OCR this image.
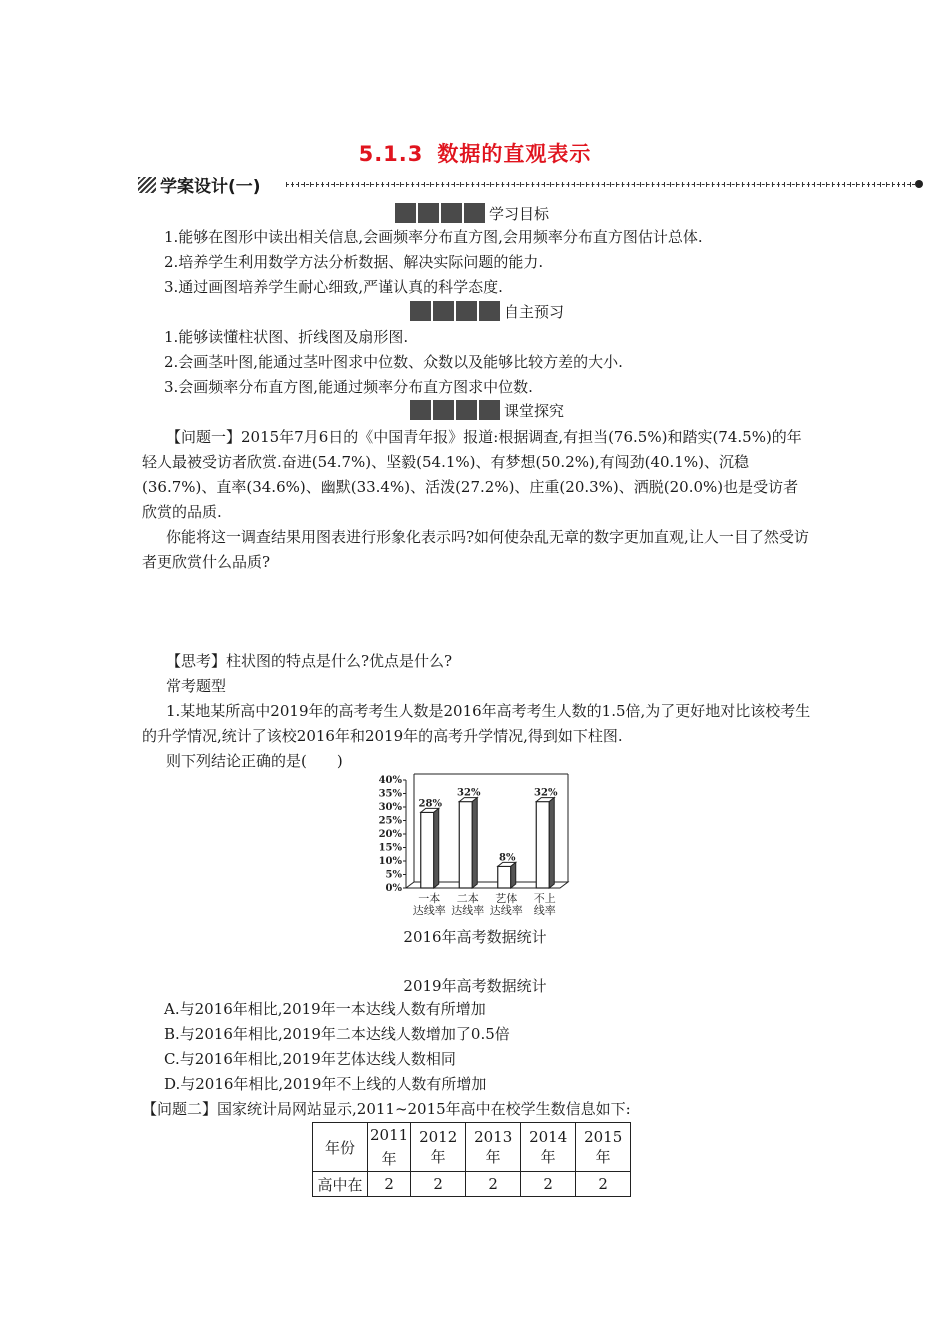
5.1.3 数据的直观表示
学案设计(一)
学习目标
1.能够在图形中读出相关信息,会画频率分布直方图,会用频率分布直方图估计总体.
2.培养学生利用数学方法分析数据、解决实际问题的能力.
3.通过画图培养学生耐心细致,严谨认真的科学态度.
自主预习
1.能够读懂柱状图、折线图及扇形图.
2.会画茎叶图,能通过茎叶图求中位数、众数以及能够比较方差的大小.
3.会画频率分布直方图,能通过频率分布直方图求中位数.
课堂探究

【问题一】2015年7月6日的《中国青年报》报道:根据调查,有担当(76.5%)和踏实(74.5%)的年轻人最被受访者欣赏.奋进(54.7%)、坚毅(54.1%)、有梦想(50.2%),有闯劲(40.1%)、沉稳(36.7%)、直率(34.6%)、幽默(33.4%)、活泼(27.2%)、庄重(20.3%)、洒脱(20.0%)也是受访者欣赏的品质.

你能将这一调查结果用图表进行形象化表示吗?如何使杂乱无章的数字更加直观,让人一目了然受访者更欣赏什么品质?

【思考】柱状图的特点是什么?优点是什么?

常考题型

1.某地某所高中2019年的高考考生人数是2016年高考考生人数的1.5倍,为了更好地对比该校考生的升学情况,统计了该校2016年和2019年的高考升学情况,得到如下柱图.

则下列结论正确的是(　　)

0%
5%
10%
15%
20%
25%
30%
35%
40%
28%
一本
达线率
32%
二本
达线率
8%
艺体
达线率
32%
不上
线率
2016年高考数据统计
2019年高考数据统计
A.与2016年相比,2019年一本达线人数有所增加
B.与2016年相比,2019年二本达线人数增加了0.5倍
C.与2016年相比,2019年艺体达线人数相同
D.与2016年相比,2019年不上线的人数有所增加
【问题二】国家统计局网站显示,2011~2015年高中在校学生数信息如下:
年份	2011年	2012年	2013年	2014年	2015年
高中在	2	2	2	2	2
